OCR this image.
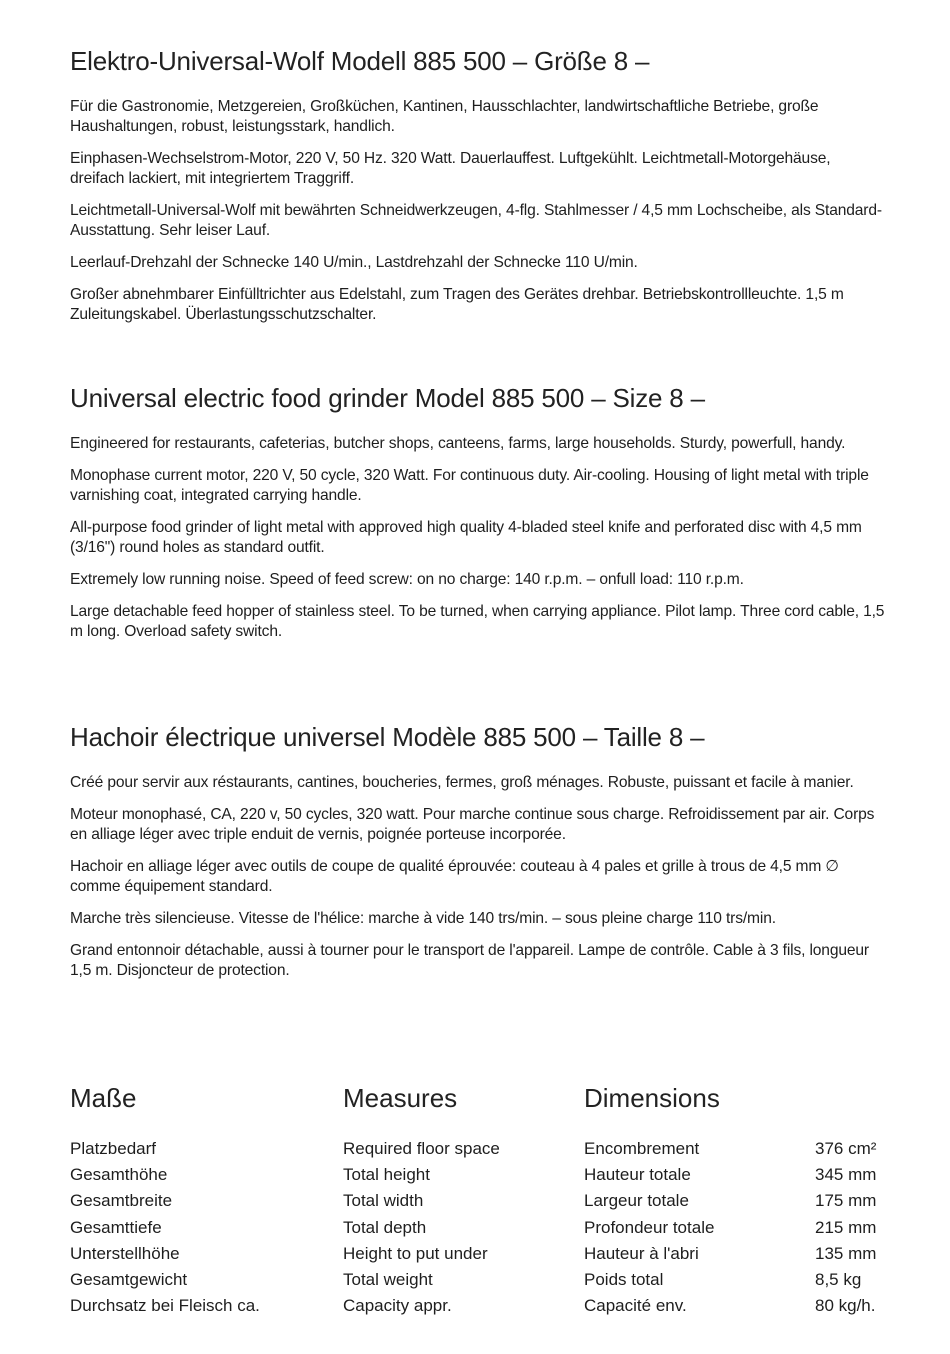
Elektro-Universal-Wolf Modell 885 500 – Größe 8 –

Für die Gastronomie, Metzgereien, Großküchen, Kantinen, Hausschlachter, landwirtschaftliche Betriebe, große Haushaltungen, robust, leistungsstark, handlich.

Einphasen-Wechselstrom-Motor, 220 V, 50 Hz. 320 Watt. Dauerlauffest. Luftgekühlt. Leichtmetall-Motorgehäuse, dreifach lackiert, mit integriertem Traggriff.

Leichtmetall-Universal-Wolf mit bewährten Schneidwerkzeugen, 4-flg. Stahlmesser / 4,5 mm Lochscheibe, als Standard-Ausstattung. Sehr leiser Lauf.

Leerlauf-Drehzahl der Schnecke 140 U/min., Lastdrehzahl der Schnecke 110 U/min.

Großer abnehmbarer Einfülltrichter aus Edelstahl, zum Tragen des Gerätes drehbar. Betriebskontrollleuchte. 1,5 m Zuleitungskabel. Überlastungsschutzschalter.

Universal electric food grinder Model 885 500 – Size 8 –

Engineered for restaurants, cafeterias, butcher shops, canteens, farms, large households. Sturdy, powerfull, handy.

Monophase current motor, 220 V, 50 cycle, 320 Watt. For continuous duty. Air-cooling. Housing of light metal with triple varnishing coat, integrated carrying handle.

All-purpose food grinder of light metal with approved high quality 4-bladed steel knife and perforated disc with 4,5 mm (3/16") round holes as standard outfit.

Extremely low running noise. Speed of feed screw: on no charge: 140 r.p.m. – onfull load: 110 r.p.m.

Large detachable feed hopper of stainless steel. To be turned, when carrying appliance. Pilot lamp. Three cord cable, 1,5 m long. Overload safety switch.

Hachoir électrique universel Modèle 885 500 – Taille 8 –

Créé pour servir aux réstaurants, cantines, boucheries, fermes, groß ménages. Robuste, puissant et facile à manier.

Moteur monophasé, CA, 220 v, 50 cycles, 320 watt. Pour marche continue sous charge. Refroidissement par air. Corps en alliage léger avec triple enduit de vernis, poignée porteuse incorporée.

Hachoir en alliage léger avec outils de coupe de qualité éprouvée: couteau à 4 pales et grille à trous de 4,5 mm ∅ comme équipement standard.

Marche très silencieuse. Vitesse de l'hélice: marche à vide 140 trs/min. – sous pleine charge 110 trs/min.

Grand entonnoir détachable, aussi à tourner pour le transport de l'appareil. Lampe de contrôle. Cable à 3 fils, longueur 1,5 m. Disjoncteur de protection.

Maße	Measures	Dimensions
Platzbedarf
Gesamthöhe
Gesamtbreite
Gesamttiefe
Unterstellhöhe
Gesamtgewicht
Durchsatz bei Fleisch ca.
Required floor space
Total height
Total width
Total depth
Height to put under
Total weight
Capacity appr.
Encombrement
Hauteur totale
Largeur totale
Profondeur totale
Hauteur à l'abri
Poids total
Capacité env.
376 cm²
345 mm
175 mm
215 mm
135 mm
8,5 kg
80 kg/h.
